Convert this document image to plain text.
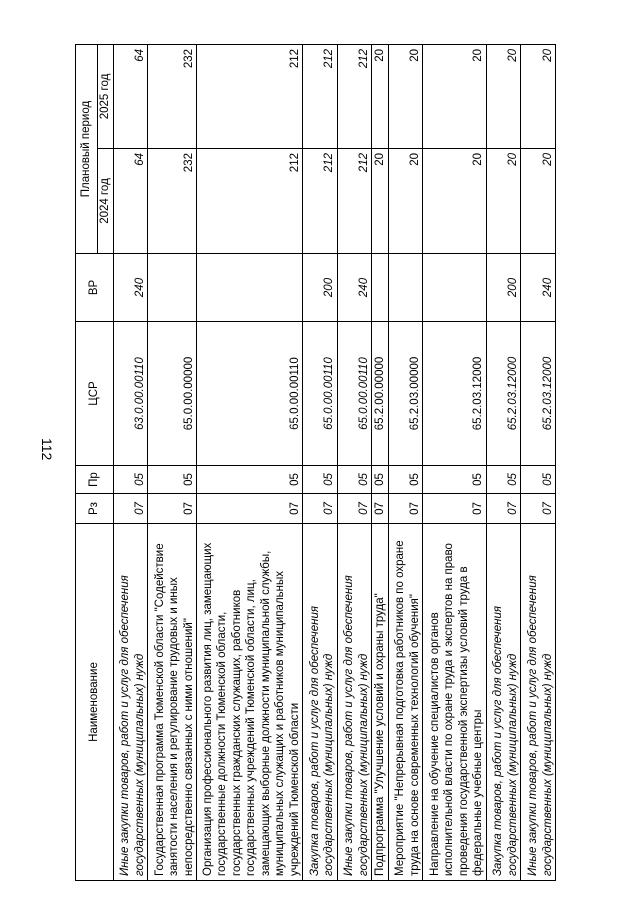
112
Наименование	Рз	Пр	ЦСР	ВР	Плановый период	
					2024 год	2025 год
Иные закупки товаров, работ и услуг для обеспечения государственных (муниципальных) нужд	07	05	63.0.00.00110	240	64	64
Государственная программа Тюменской области "Содействие занятости населения и регулирование трудовых и иных непосредственно связанных с ними отношений"	07	05	65.0.00.00000		232	232
Организация профессионального развития лиц, замещающих государственные должности Тюменской области, государственных гражданских служащих, работников государственных учреждений Тюменской области, лиц, замещающих выборные должности муниципальной службы, муниципальных служащих и работников муниципальных учреждений Тюменской области	07	05	65.0.00.00110		212	212
Закупка товаров, работ и услуг для обеспечения государственных (муниципальных) нужд	07	05	65.0.00.00110	200	212	212
Иные закупки товаров, работ и услуг для обеспечения государственных (муниципальных) нужд	07	05	65.0.00.00110	240	212	212
Подпрограмма "Улучшение условий и охраны труда"	07	05	65.2.00.00000		20	20
Мероприятие "Непрерывная подготовка работников по охране труда на основе современных технологий обучения"	07	05	65.2.03.00000		20	20
Направление на обучение специалистов органов исполнительной власти по охране труда и экспертов на право проведения государственной экспертизы условий труда в федеральные учебные центры	07	05	65.2.03.12000		20	20
Закупка товаров, работ и услуг для обеспечения государственных (муниципальных) нужд	07	05	65.2.03.12000	200	20	20
Иные закупки товаров, работ и услуг для обеспечения государственных (муниципальных) нужд	07	05	65.2.03.12000	240	20	20
